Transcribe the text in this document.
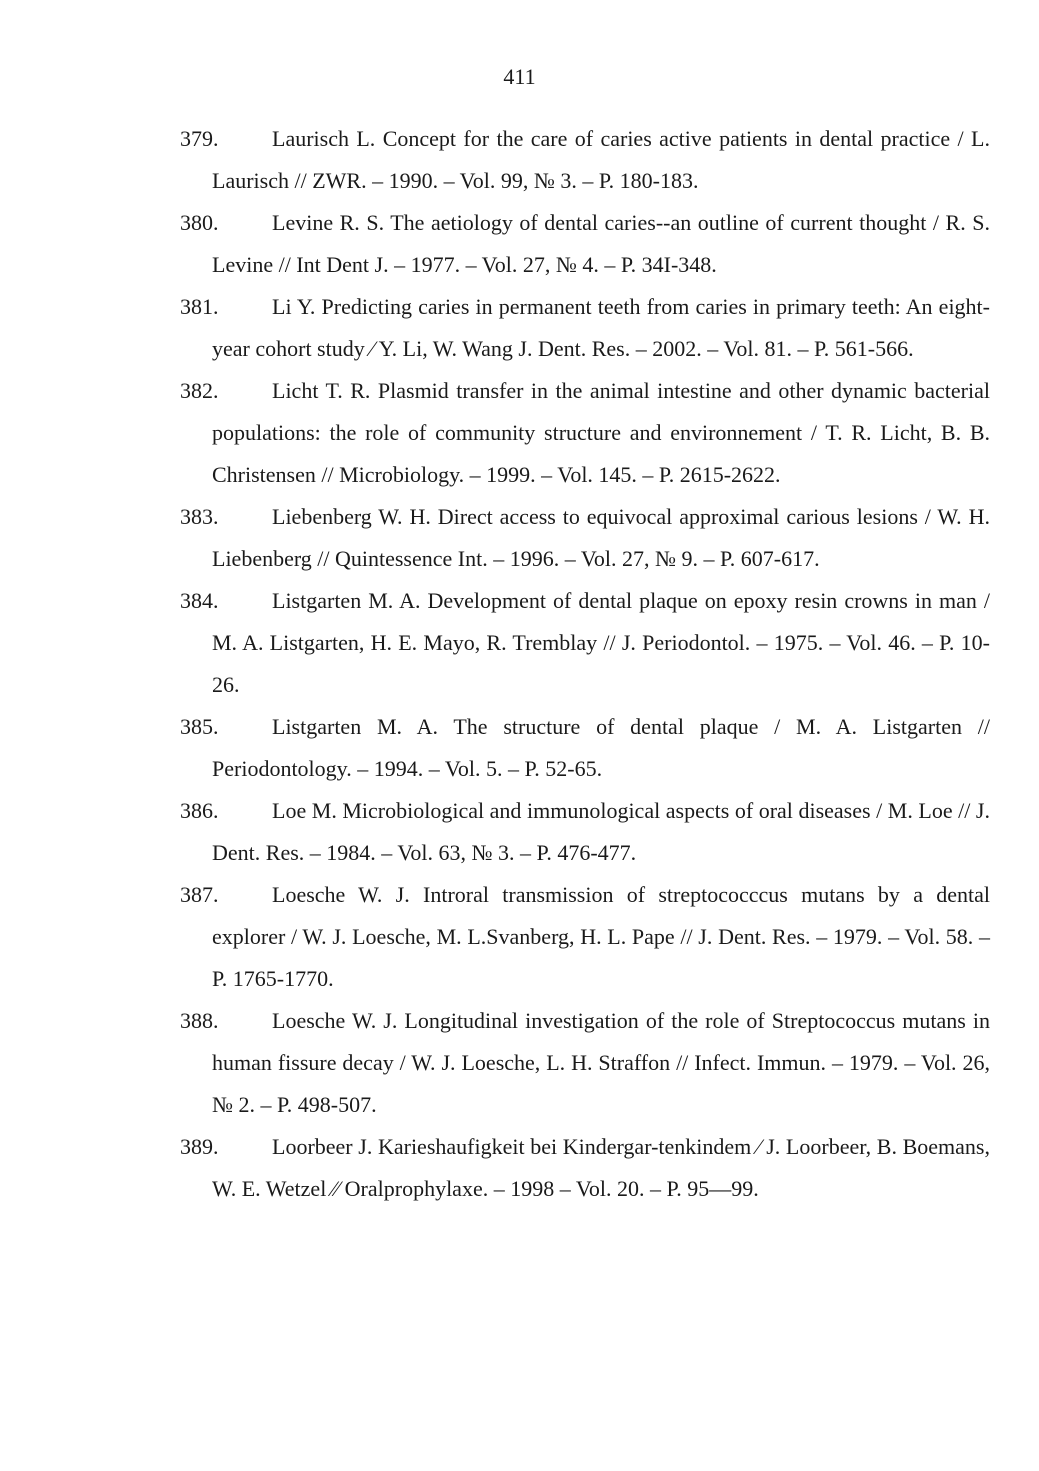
411
379. Laurisch L. Concept for the care of caries active patients in dental practice / L. Laurisch // ZWR. – 1990. – Vol. 99, № 3. – P. 180-183.
380. Levine R. S. The aetiology of dental caries--an outline of current thought / R. S. Levine // Int Dent J. – 1977. – Vol. 27, № 4. – P. 34I-348.
381. Li Y. Predicting caries in permanent teeth from caries in primary teeth: An eight-year cohort study ⁄ Y. Li, W. Wang J. Dent. Res. – 2002. – Vol. 81. – P. 561-566.
382. Licht T. R. Plasmid transfer in the animal intestine and other dynamic bacterial populations: the role of community structure and environnement / T. R. Licht, B. B. Christensen // Microbiology. – 1999. – Vol. 145. – P. 2615-2622.
383. Liebenberg W. H. Direct access to equivocal approximal carious lesions / W. H. Liebenberg // Quintessence Int. – 1996. – Vol. 27, № 9. – P. 607-617.
384. Listgarten M. A. Development of dental plaque on epoxy resin crowns in man / M. A. Listgarten, H. E. Mayo, R. Tremblay // J. Periodontol. – 1975. – Vol. 46. – P. 10-26.
385. Listgarten M. A. The structure of dental plaque / M. A. Listgarten // Periodontology. – 1994. – Vol. 5. – P. 52-65.
386. Loe M. Microbiological and immunological aspects of oral diseases / M. Loe // J. Dent. Res. – 1984. – Vol. 63, № 3. – P. 476-477.
387. Loesche W. J. Introral transmission of streptococccus mutans by a dental explorer / W. J. Loesche, M. L.Svanberg, H. L. Pape // J. Dent. Res. – 1979. – Vol. 58. – P. 1765-1770.
388. Loesche W. J. Longitudinal investigation of the role of Streptococcus mutans in human fissure decay / W. J. Loesche, L. H. Straffon // Infect. Immun. – 1979. – Vol. 26, № 2. – P. 498-507.
389. Loorbeer J. Karieshaufigkeit bei Kindergar-tenkindem ⁄ J. Loorbeer, B. Boemans, W. E. Wetzel ⁄⁄ Oralprophylaxe. – 1998 – Vol. 20. – P. 95—99.
